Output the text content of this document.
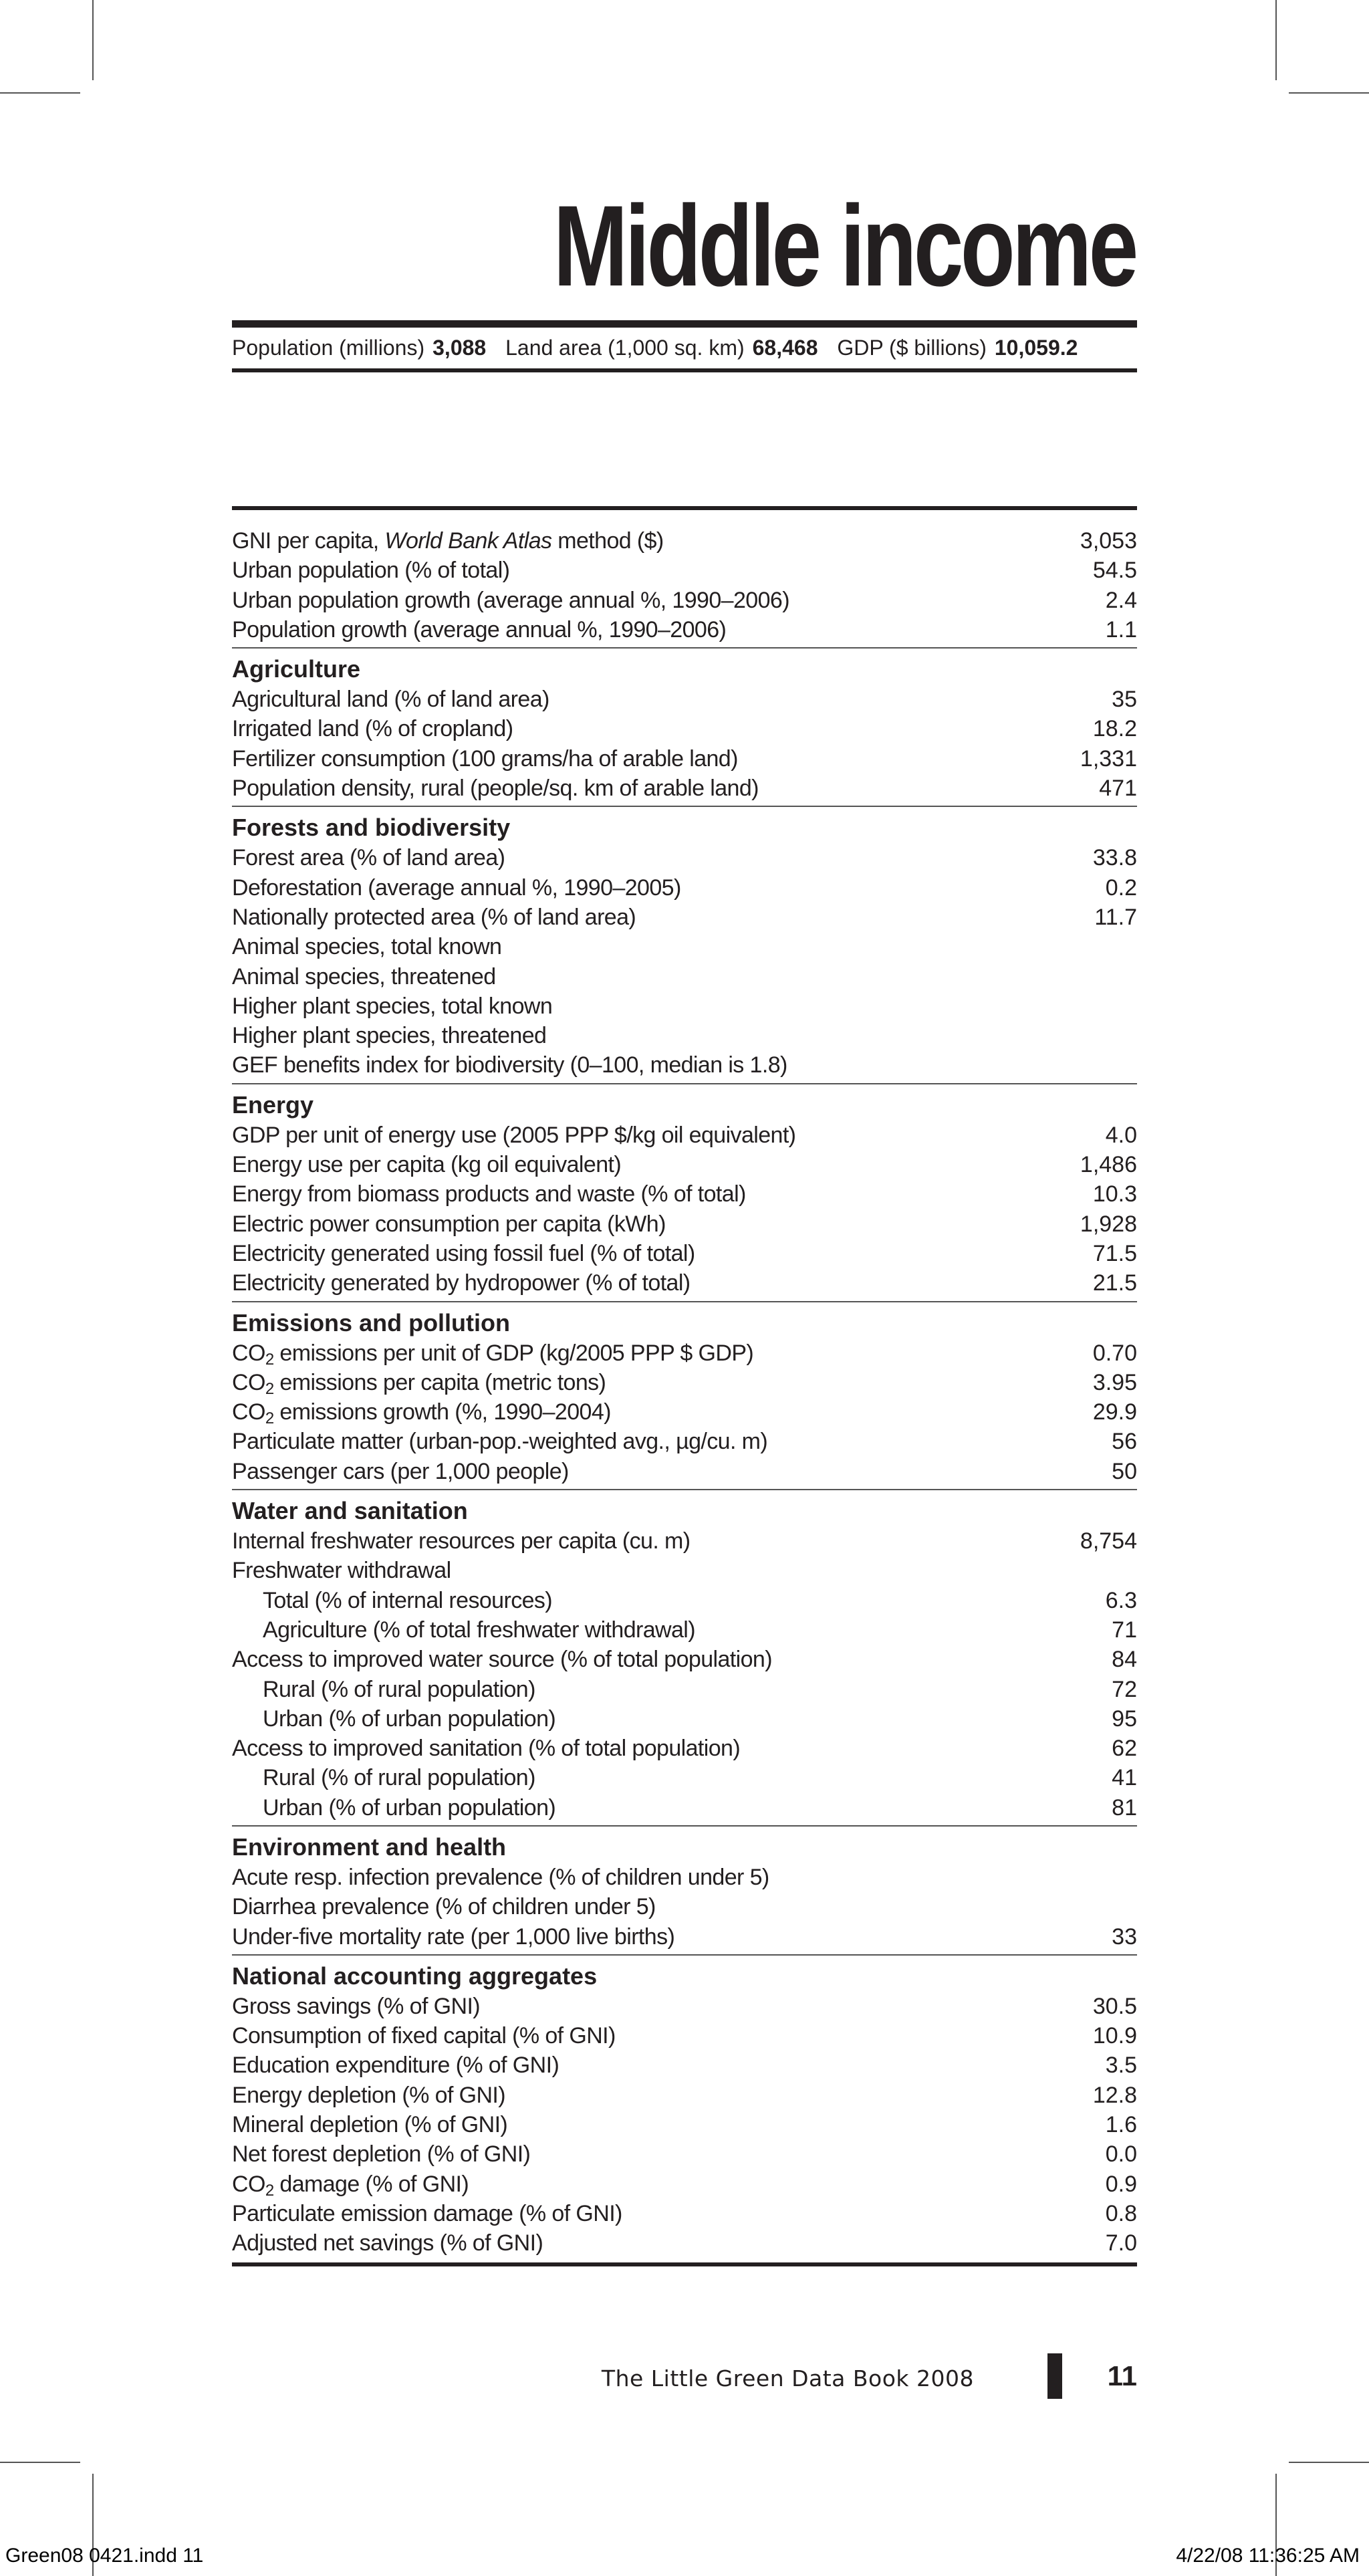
Middle income
Population (millions) 3,088 Land area (1,000 sq. km) 68,468 GDP ($ billions) 10,059.2
GNI per capita, World Bank Atlas method ($)	3,053
Urban population (% of total)	54.5
Urban population growth (average annual %, 1990–2006)	2.4
Population growth (average annual %, 1990–2006)	1.1
Agriculture
Agricultural land (% of land area)	35
Irrigated land (% of cropland)	18.2
Fertilizer consumption (100 grams/ha of arable land)	1,331
Population density, rural (people/sq. km of arable land)	471
Forests and biodiversity
Forest area (% of land area)	33.8
Deforestation (average annual %, 1990–2005)	0.2
Nationally protected area (% of land area)	11.7
Animal species, total known
Animal species, threatened
Higher plant species, total known
Higher plant species, threatened
GEF benefits index for biodiversity (0–100, median is 1.8)
Energy
GDP per unit of energy use (2005 PPP $/kg oil equivalent)	4.0
Energy use per capita (kg oil equivalent)	1,486
Energy from biomass products and waste (% of total)	10.3
Electric power consumption per capita (kWh)	1,928
Electricity generated using fossil fuel (% of total)	71.5
Electricity generated by hydropower (% of total)	21.5
Emissions and pollution
$CO_2$ emissions per unit of GDP (kg/2005 PPP $ GDP)	0.70
$CO_2$ emissions per capita (metric tons)	3.95
$CO_2$ emissions growth (%, 1990–2004)	29.9
Particulate matter (urban-pop.-weighted avg., µg/cu. m)	56
Passenger cars (per 1,000 people)	50
Water and sanitation
Internal freshwater resources per capita (cu. m)	8,754
Freshwater withdrawal
Total (% of internal resources)	6.3
Agriculture (% of total freshwater withdrawal)	71
Access to improved water source (% of total population)	84
Rural (% of rural population)	72
Urban (% of urban population)	95
Access to improved sanitation (% of total population)	62
Rural (% of rural population)	41
Urban (% of urban population)	81
Environment and health
Acute resp. infection prevalence (% of children under 5)
Diarrhea prevalence (% of children under 5)
Under-five mortality rate (per 1,000 live births)	33
National accounting aggregates
Gross savings (% of GNI)	30.5
Consumption of fixed capital (% of GNI)	10.9
Education expenditure (% of GNI)	3.5
Energy depletion (% of GNI)	12.8
Mineral depletion (% of GNI)	1.6
Net forest depletion (% of GNI)	0.0
$CO_2$ damage (% of GNI)	0.9
Particulate emission damage (% of GNI)	0.8
Adjusted net savings (% of GNI)	7.0
The Little Green Data Book 2008	11
Green08 0421.indd 11	4/22/08 11:36:25 AM
